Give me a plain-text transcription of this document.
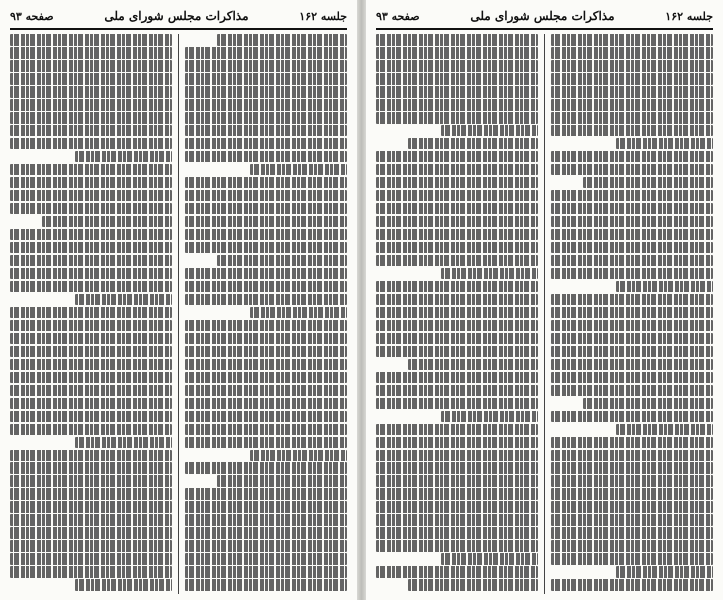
جلسه ۱۶۲
مذاکرات مجلس شورای ملی
صفحه ۹۳	جلسه ۱۶۲
مذاکرات مجلس شورای ملی
صفحه ۹۳
